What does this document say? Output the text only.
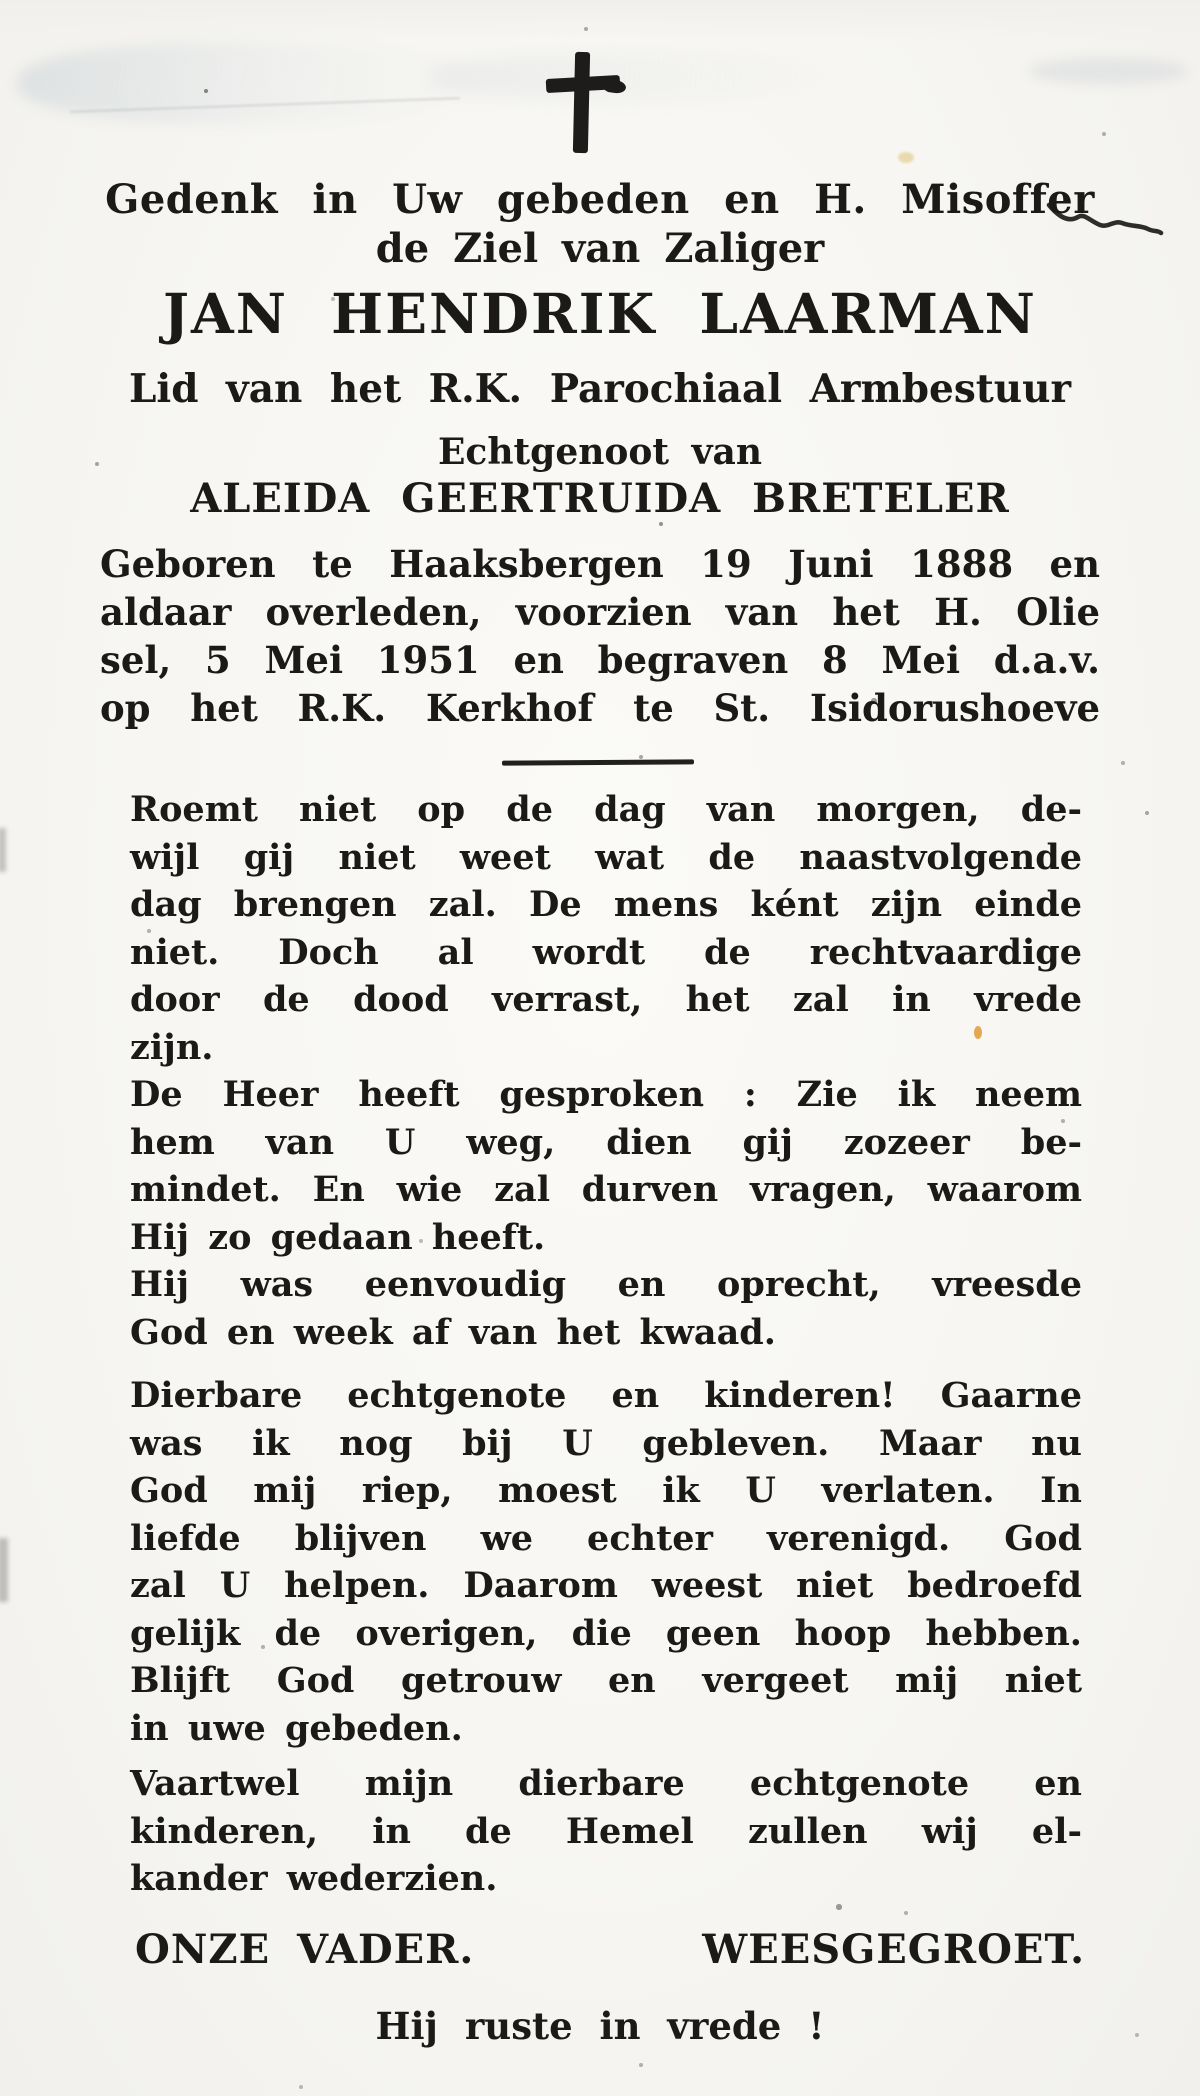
Gedenk in Uw gebeden en H. Misoffer
de Ziel van Zaliger
JAN HENDRIK LAARMAN
Lid van het R.K. Parochiaal Armbestuur
Echtgenoot van
ALEIDA GEERTRUIDA BRETELER
Geboren te Haaksbergen 19 Juni 1888 en
aldaar overleden, voorzien van het H. Olie
sel, 5 Mei 1951 en begraven 8 Mei d.a.v.
op het R.K. Kerkhof te St. Isidorushoeve
Roemt niet op de dag van morgen, de-
wijl gij niet weet wat de naastvolgende
dag brengen zal. De mens ként zijn einde
niet. Doch al wordt de rechtvaardige
door de dood verrast, het zal in vrede
zijn.
De Heer heeft gesproken : Zie ik neem
hem van U weg, dien gij zozeer be-
mindet. En wie zal durven vragen, waarom
Hij zo gedaan heeft.
Hij was eenvoudig en oprecht, vreesde
God en week af van het kwaad.
Dierbare echtgenote en kinderen! Gaarne
was ik nog bij U gebleven. Maar nu
God mij riep, moest ik U verlaten. In
liefde blijven we echter verenigd. God
zal U helpen. Daarom weest niet bedroefd
gelijk de overigen, die geen hoop hebben.
Blijft God getrouw en vergeet mij niet
in uwe gebeden.
Vaartwel mijn dierbare echtgenote en
kinderen, in de Hemel zullen wij el-
kander wederzien.
ONZE VADER.	WEESGEGROET.
Hij ruste in vrede !
